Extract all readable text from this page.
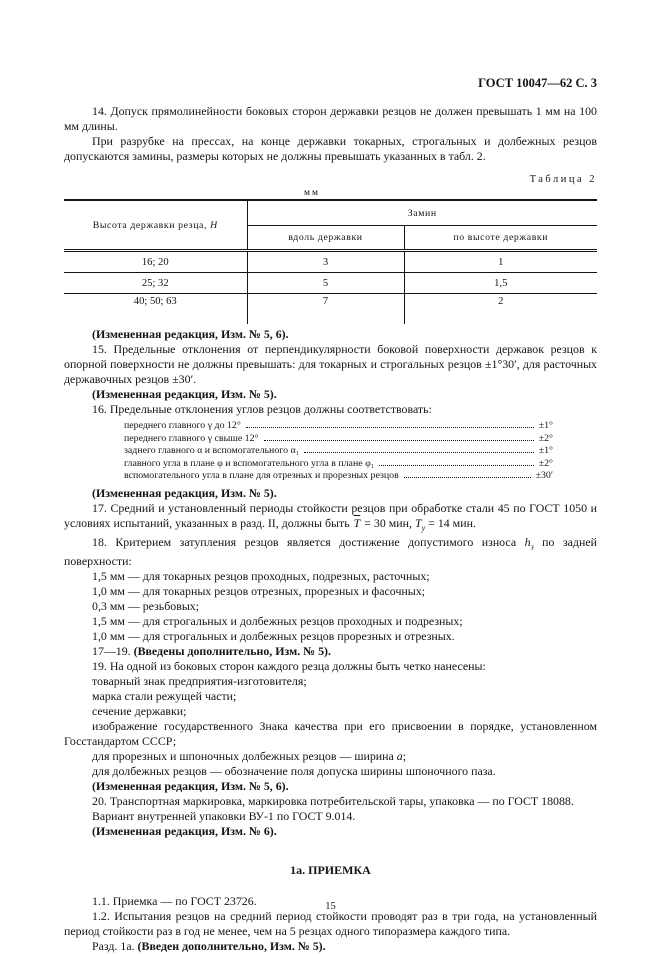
ГОСТ 10047—62 С. 3
14. Допуск прямолинейности боковых сторон державки резцов не должен превышать 1 мм на 100 мм длины.
При разрубке на прессах, на конце державки токарных, строгальных и долбежных резцов допускаются замины, размеры которых не должны превышать указанных в табл. 2.
Таблица 2
мм
Высота державки резца, Н	Замин	
	вдоль державки	по высоте державки
16; 20	3	1
25; 32	5	1,5
40; 50; 63	7	2
(Измененная редакция, Изм. № 5, 6).
15. Предельные отклонения от перпендикулярности боковой поверхности державок резцов к опорной поверхности не должны превышать: для токарных и строгальных резцов ±1°30′, для расточных державочных резцов ±30′.
(Измененная редакция, Изм. № 5).
16. Предельные отклонения углов резцов должны соответствовать:
переднего главного γ до 12°	±1°
переднего главного γ свыше 12°	±2°
заднего главного α и вспомогательного α₁	±1°
главного угла в плане φ и вспомогательного угла в плане φ₁	±2°
вспомогательного угла в плане для отрезных и прорезных резцов	±30′
(Измененная редакция, Изм. № 5).
17. Средний и установленный периоды стойкости резцов при обработке стали 45 по ГОСТ 1050 и условиях испытаний, указанных в разд. II, должны быть $\overline{T} = 30$ мин, $T_у = 14$ мин.
18. Критерием затупления резцов является достижение допустимого износа $h_з$ по задней поверхности:
1,5 мм — для токарных резцов проходных, подрезных, расточных;
1,0 мм — для токарных резцов отрезных, прорезных и фасочных;
0,3 мм — резьбовых;
1,5 мм — для строгальных и долбежных резцов проходных и подрезных;
1,0 мм — для строгальных и долбежных резцов прорезных и отрезных.
17—19. (Введены дополнительно, Изм. № 5).
19. На одной из боковых сторон каждого резца должны быть четко нанесены:
товарный знак предприятия-изготовителя;
марка стали режущей части;
сечение державки;
изображение государственного Знака качества при его присвоении в порядке, установленном Госстандартом СССР;
для прорезных и шпоночных долбежных резцов — ширина а;
для долбежных резцов — обозначение поля допуска ширины шпоночного паза.
(Измененная редакция, Изм. № 5, 6).
20. Транспортная маркировка, маркировка потребительской тары, упаковка — по ГОСТ 18088.
Вариант внутренней упаковки ВУ-1 по ГОСТ 9.014.
(Измененная редакция, Изм. № 6).
1а. ПРИЕМКА
1.1. Приемка — по ГОСТ 23726.
1.2. Испытания резцов на средний период стойкости проводят раз в три года, на установленный период стойкости раз в год не менее, чем на 5 резцах одного типоразмера каждого типа.
Разд. 1а. (Введен дополнительно, Изм. № 5).
15
